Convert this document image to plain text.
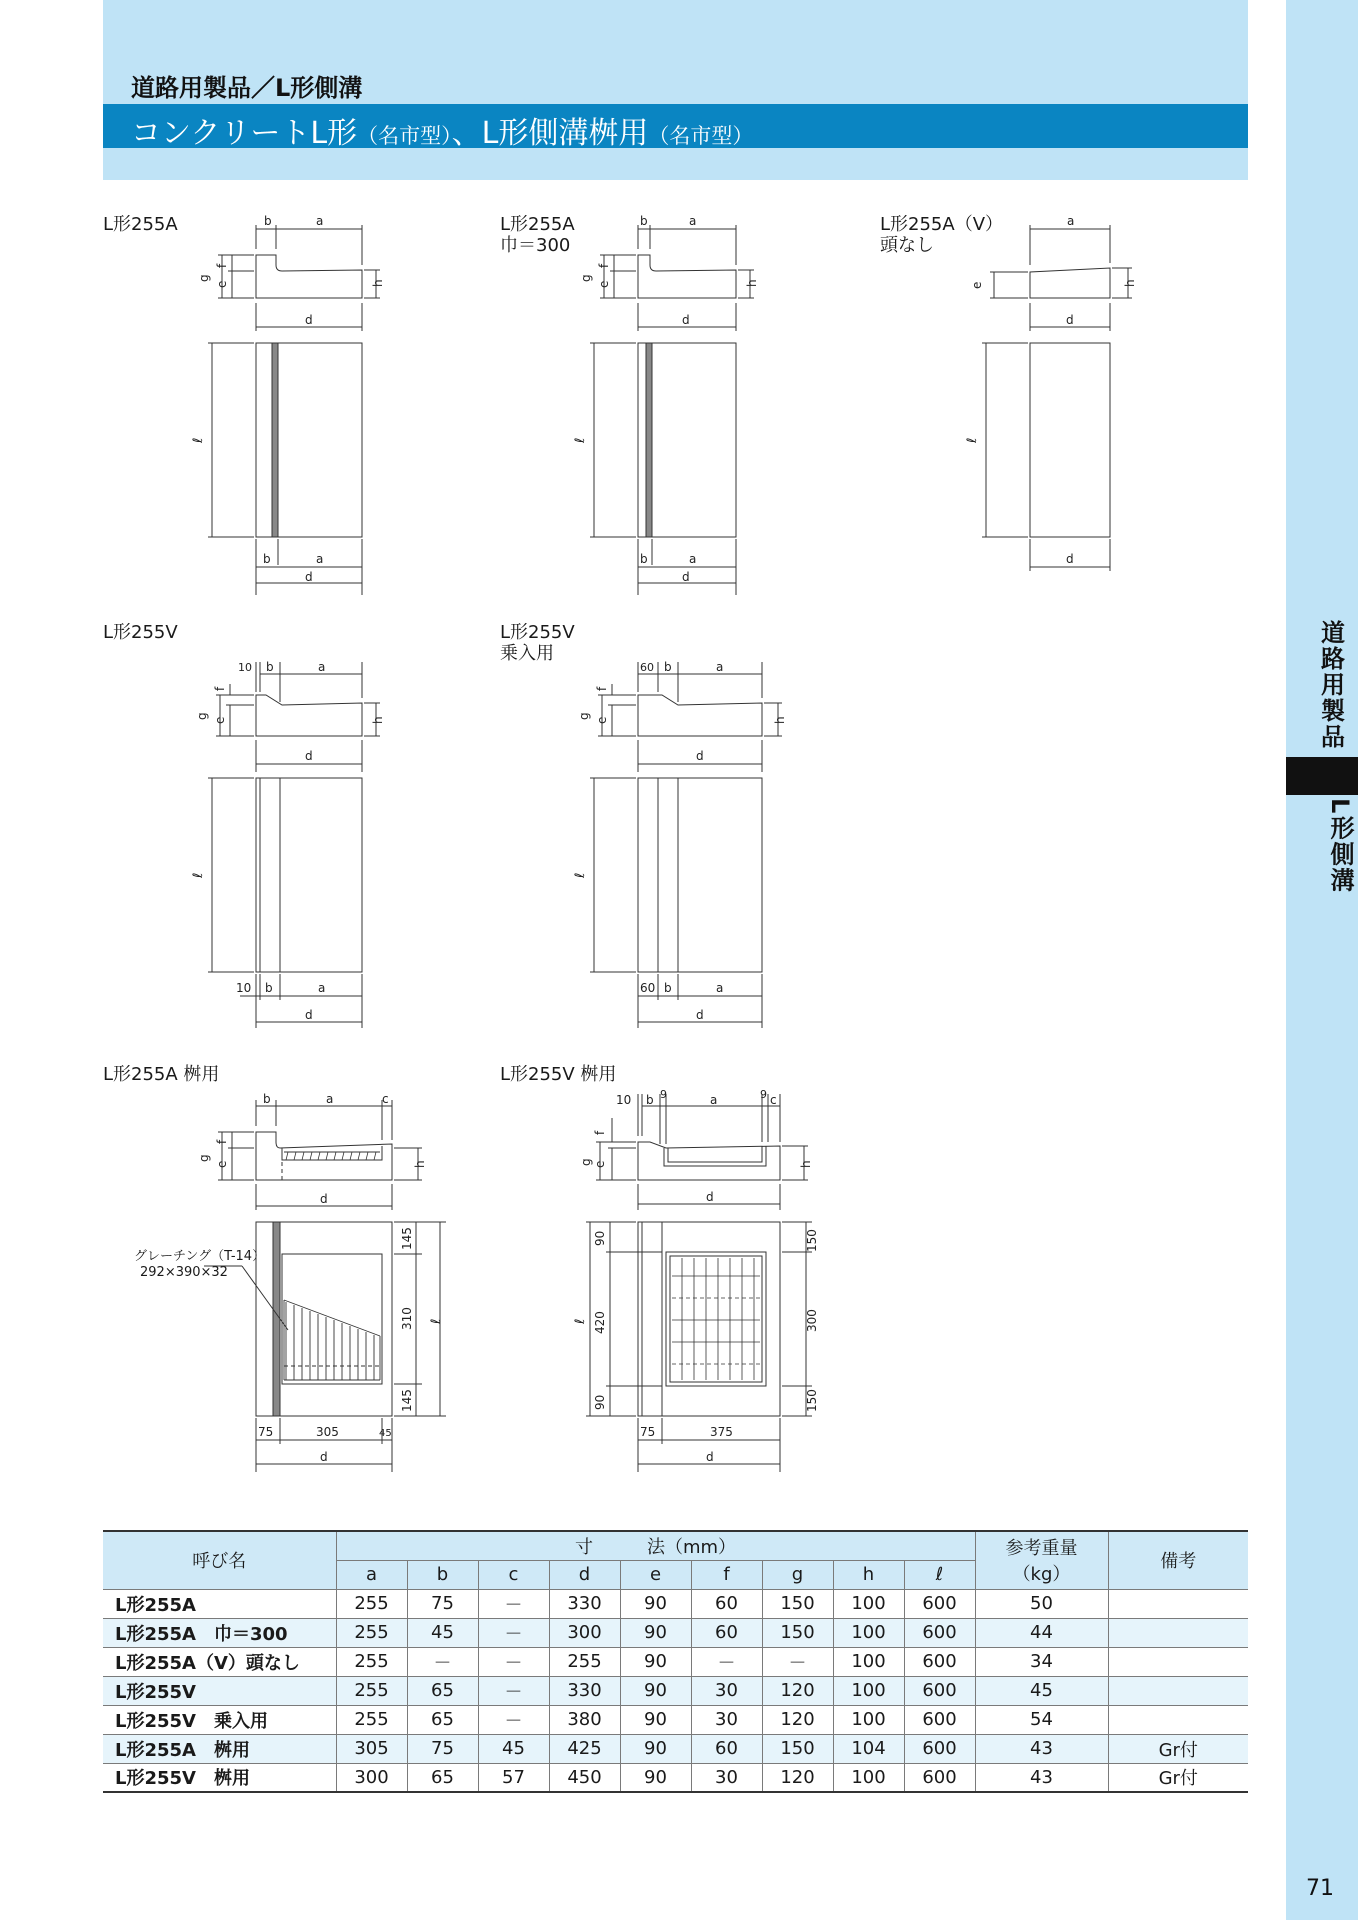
道路用製品／L形側溝
コンクリートL形（名市型）、L形側溝桝用（名市型）
道路用製品
L形側溝
71
L形255A	b	a
g
f
e	h
d
ℓ
b	a
d
L形255A
巾＝300
b	a
g
f
e	h
d
ℓ
b	a
d
L形255A（V）
頭なし
a
e	h
d
ℓ
d
L形255V
10 b	a
g
f
e	h
d
ℓ
10 b	a
d
L形255V
乗入用
60 b	a
g
f
e	h
d
ℓ
60 b	a
d
L形255A 桝用
グレーチング（T-14）
292×390×32
b	a	c
g
f
e	h
d
145
310
145
ℓ
75	305	45
d
L形255V 桝用
10 b 9	a	9 c
g
f
e	h
d
ℓ
90
420
90
150
300
150
75	375
d
呼び名	寸　　　法（mm）									参考重量
（kg）	備考
	a	b	c	d	e	f	g	h	ℓ		
L形255A	255	75	－	330	90	60	150	100	600	50	
L形255A　巾＝300	255	45	－	300	90	60	150	100	600	44	
L形255A（V）頭なし	255	－	－	255	90	－	－	100	600	34	
L形255V	255	65	－	330	90	30	120	100	600	45	
L形255V　乗入用	255	65	－	380	90	30	120	100	600	54	
L形255A　桝用	305	75	45	425	90	60	150	104	600	43	Gr付
L形255V　桝用	300	65	57	450	90	30	120	100	600	43	Gr付
